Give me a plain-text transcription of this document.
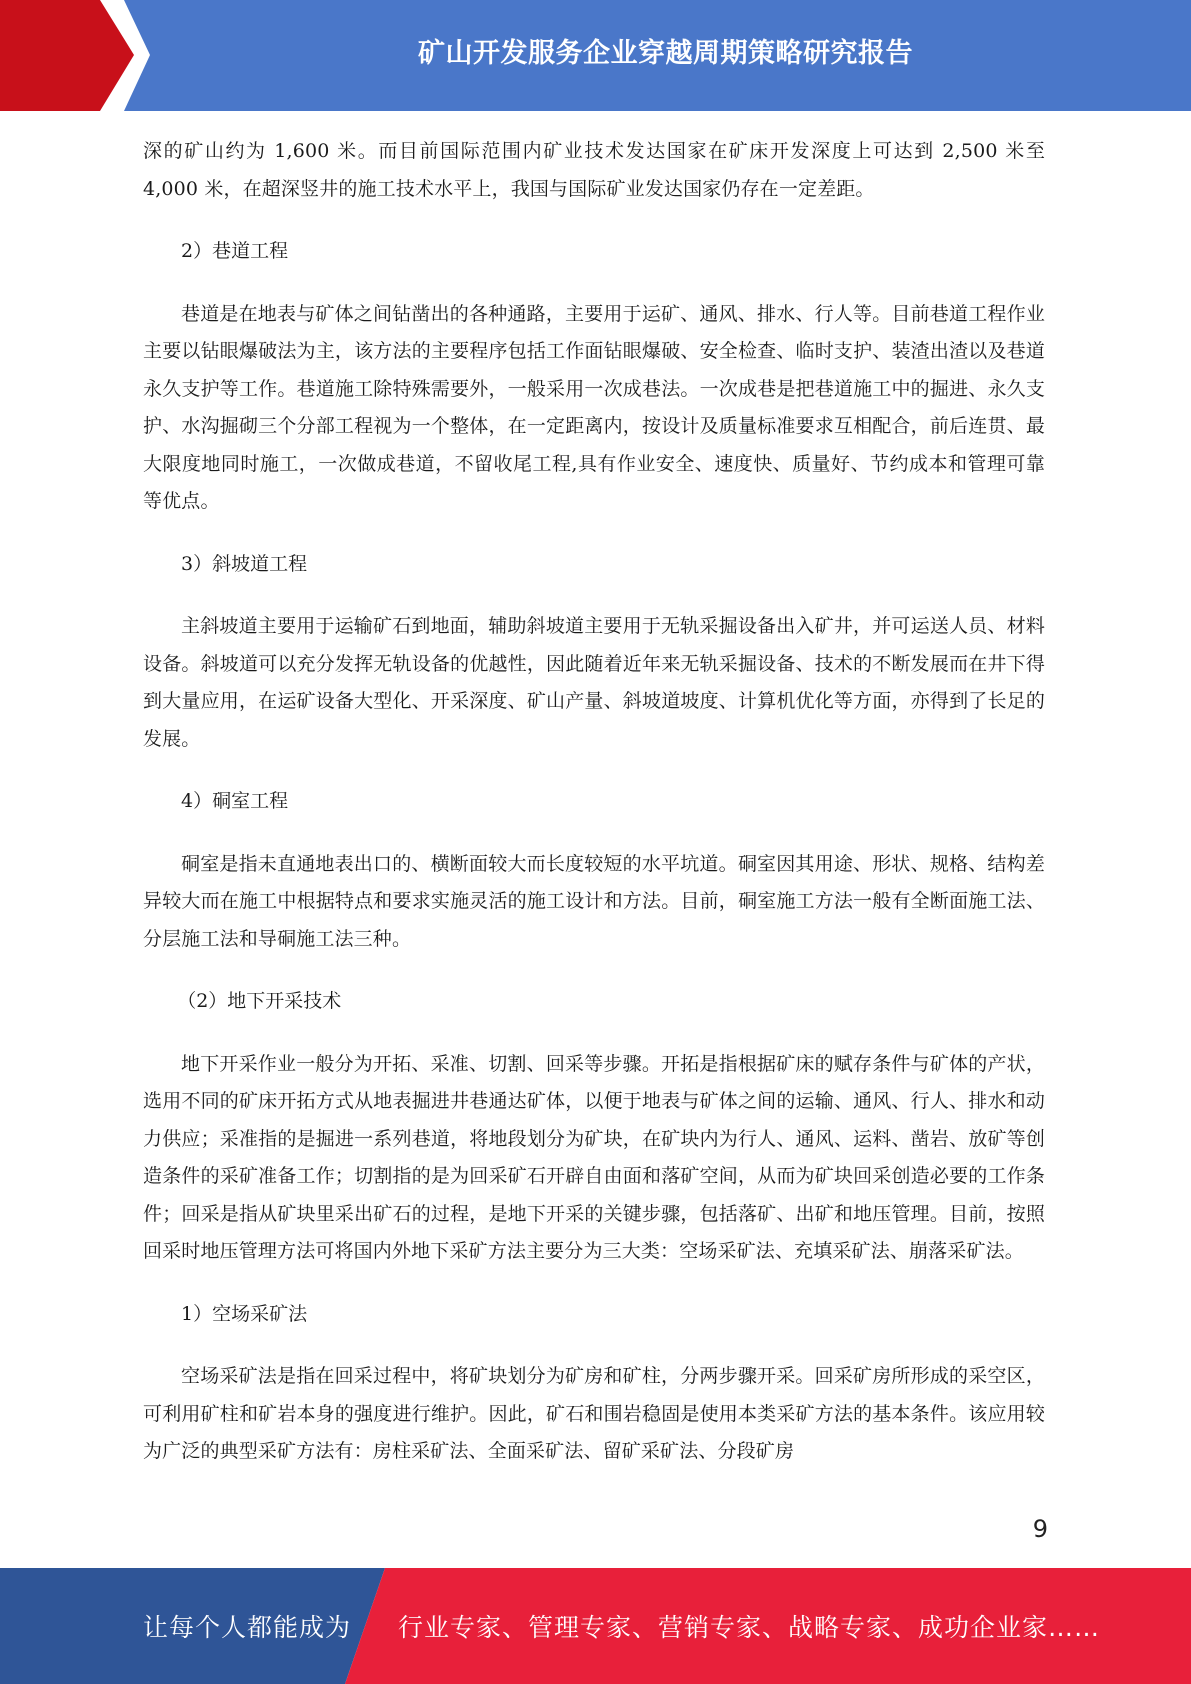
矿山开发服务企业穿越周期策略研究报告

深的矿山约为 1,600 米。而目前国际范围内矿业技术发达国家在矿床开发深度上可达到 2,500 米至 4,000 米，在超深竖井的施工技术水平上，我国与国际矿业发达国家仍存在一定差距。

2）巷道工程

巷道是在地表与矿体之间钻凿出的各种通路，主要用于运矿、通风、排水、行人等。目前巷道工程作业主要以钻眼爆破法为主，该方法的主要程序包括工作面钻眼爆破、安全检查、临时支护、装渣出渣以及巷道永久支护等工作。巷道施工除特殊需要外，一般采用一次成巷法。一次成巷是把巷道施工中的掘进、永久支护、水沟掘砌三个分部工程视为一个整体，在一定距离内，按设计及质量标准要求互相配合，前后连贯、最大限度地同时施工，一次做成巷道，不留收尾工程,具有作业安全、速度快、质量好、节约成本和管理可靠等优点。

3）斜坡道工程

主斜坡道主要用于运输矿石到地面，辅助斜坡道主要用于无轨采掘设备出入矿井，并可运送人员、材料设备。斜坡道可以充分发挥无轨设备的优越性，因此随着近年来无轨采掘设备、技术的不断发展而在井下得到大量应用，在运矿设备大型化、开采深度、矿山产量、斜坡道坡度、计算机优化等方面，亦得到了长足的发展。

4）硐室工程

硐室是指未直通地表出口的、横断面较大而长度较短的水平坑道。硐室因其用途、形状、规格、结构差异较大而在施工中根据特点和要求实施灵活的施工设计和方法。目前，硐室施工方法一般有全断面施工法、分层施工法和导硐施工法三种。

（2）地下开采技术

地下开采作业一般分为开拓、采准、切割、回采等步骤。开拓是指根据矿床的赋存条件与矿体的产状，选用不同的矿床开拓方式从地表掘进井巷通达矿体，以便于地表与矿体之间的运输、通风、行人、排水和动力供应；采准指的是掘进一系列巷道，将地段划分为矿块，在矿块内为行人、通风、运料、凿岩、放矿等创造条件的采矿准备工作；切割指的是为回采矿石开辟自由面和落矿空间，从而为矿块回采创造必要的工作条件；回采是指从矿块里采出矿石的过程，是地下开采的关键步骤，包括落矿、出矿和地压管理。目前，按照回采时地压管理方法可将国内外地下采矿方法主要分为三大类：空场采矿法、充填采矿法、崩落采矿法。

1）空场采矿法

空场采矿法是指在回采过程中，将矿块划分为矿房和矿柱，分两步骤开采。回采矿房所形成的采空区，可利用矿柱和矿岩本身的强度进行维护。因此，矿石和围岩稳固是使用本类采矿方法的基本条件。该应用较为广泛的典型采矿方法有：房柱采矿法、全面采矿法、留矿采矿法、分段矿房

9
让每个人都能成为 行业专家、管理专家、营销专家、战略专家、成功企业家……
